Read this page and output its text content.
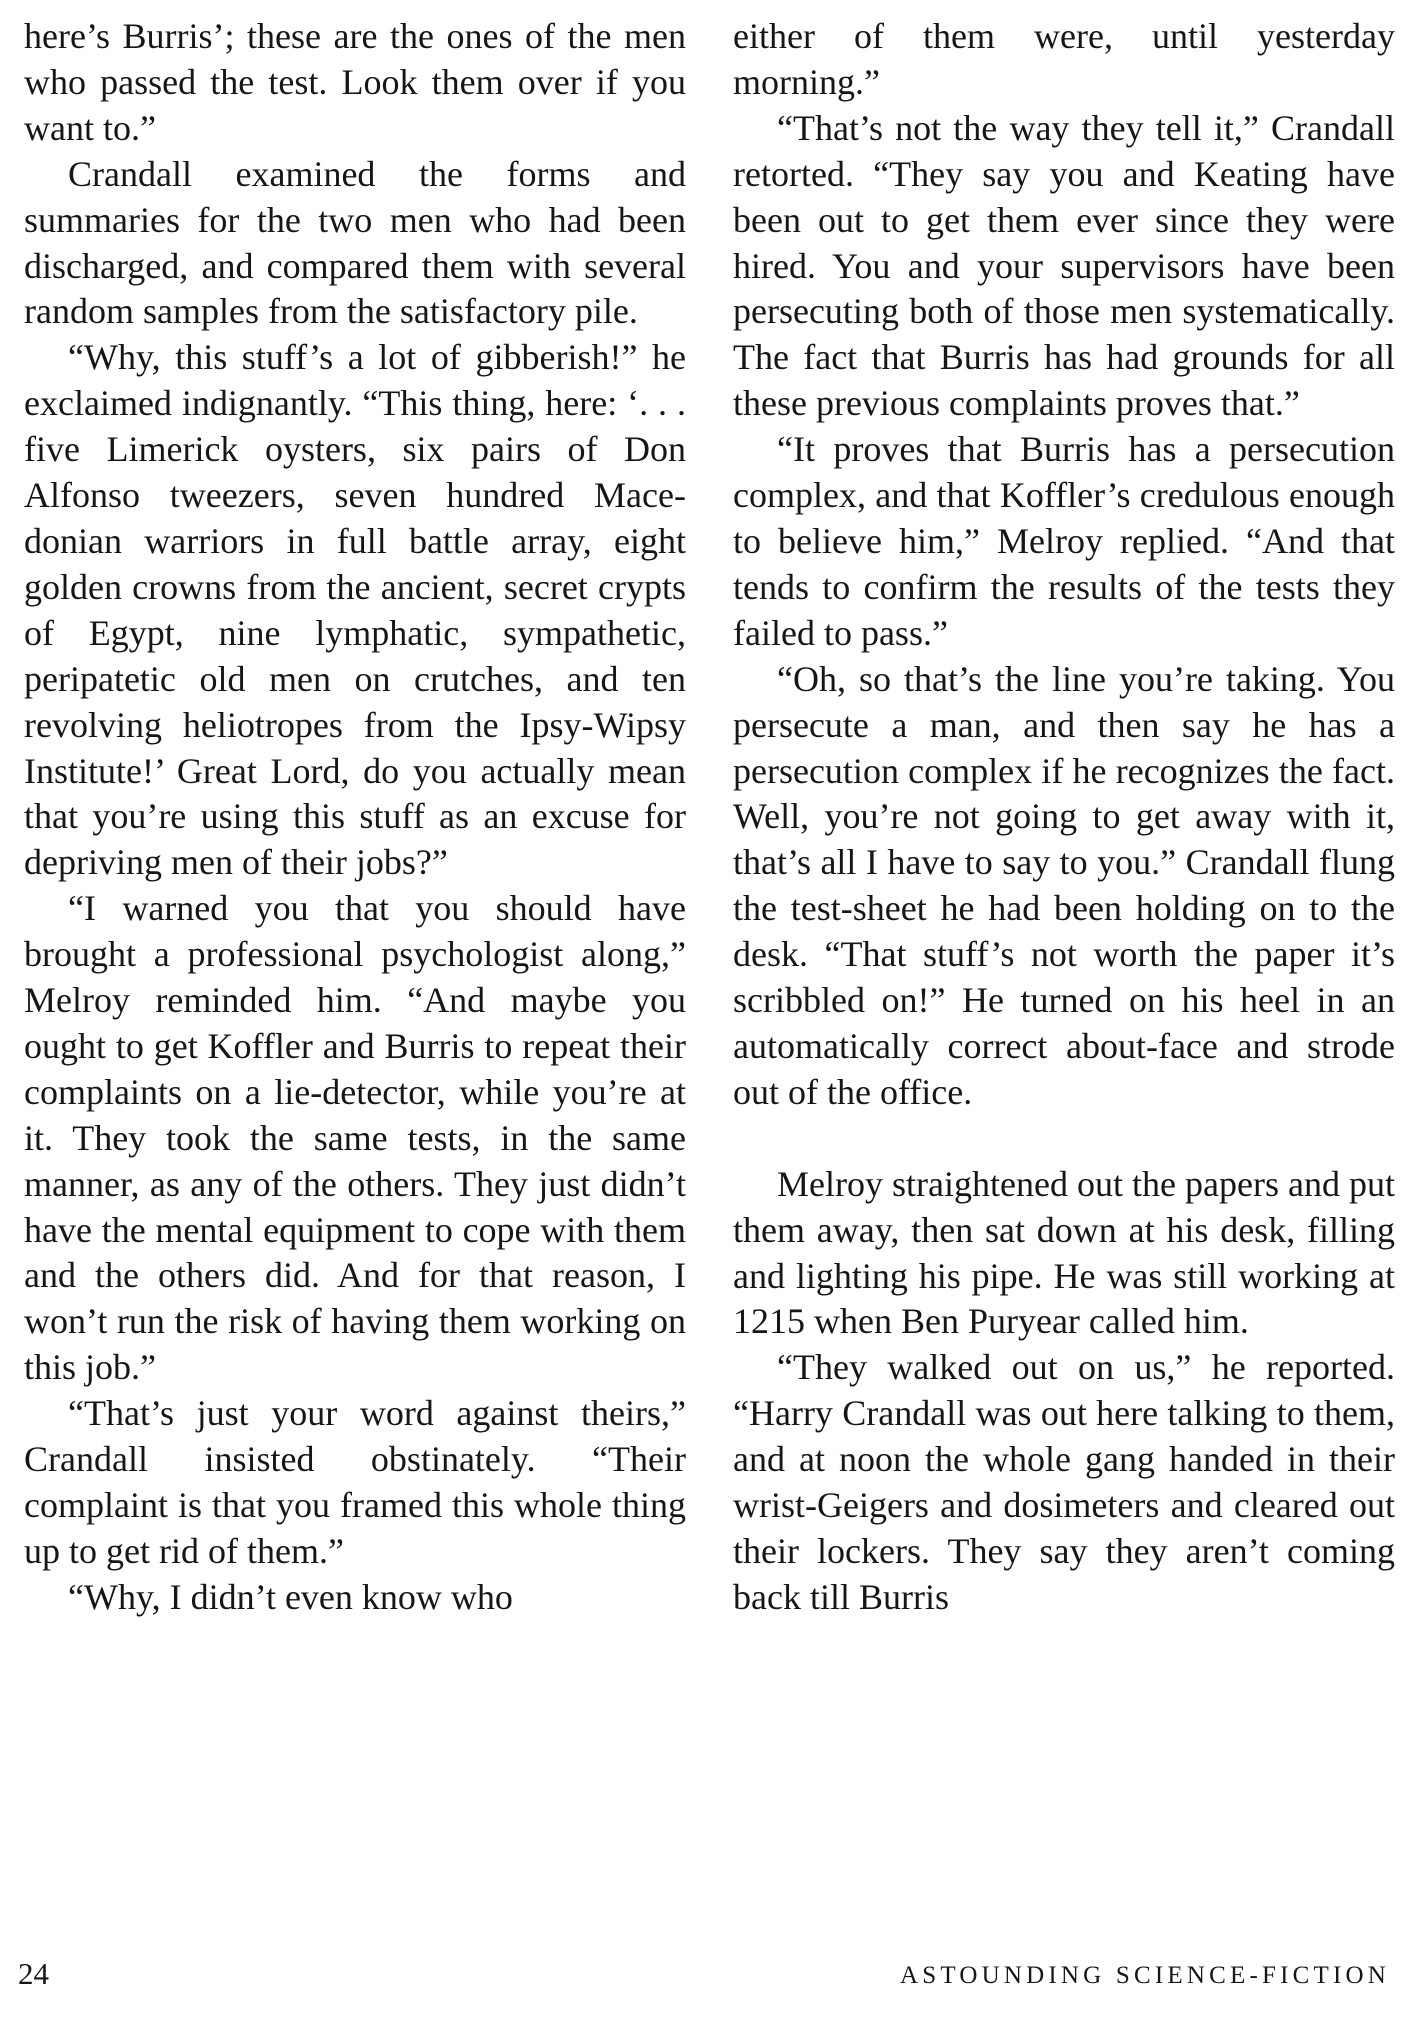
here’s Burris’; these are the ones of the men who passed the test. Look them over if you want to.”

Crandall examined the forms and summaries for the two men who had been discharged, and compared them with several random samples from the satisfactory pile.

“Why, this stuff’s a lot of gibberish!” he exclaimed indignantly. “This thing, here: ‘. . . five Limerick oysters, six pairs of Don Alfonso tweezers, seven hundred Macedonian warriors in full battle array, eight golden crowns from the ancient, secret crypts of Egypt, nine lymphatic, sympathetic, peripatetic old men on crutches, and ten revolving heliotropes from the Ipsy-Wipsy Institute!’ Great Lord, do you actually mean that you’re using this stuff as an excuse for depriving men of their jobs?”

“I warned you that you should have brought a professional psychologist along,” Melroy reminded him. “And maybe you ought to get Koffler and Burris to repeat their complaints on a lie-detector, while you’re at it. They took the same tests, in the same manner, as any of the others. They just didn’t have the mental equipment to cope with them and the others did. And for that reason, I won’t run the risk of having them working on this job.”

“That’s just your word against theirs,” Crandall insisted obstinately. “Their complaint is that you framed this whole thing up to get rid of them.”

“Why, I didn’t even know who

either of them were, until yesterday morning.”

“That’s not the way they tell it,” Crandall retorted. “They say you and Keating have been out to get them ever since they were hired. You and your supervisors have been persecuting both of those men systematically. The fact that Burris has had grounds for all these previous complaints proves that.”

“It proves that Burris has a persecution complex, and that Koffler’s credulous enough to believe him,” Melroy replied. “And that tends to confirm the results of the tests they failed to pass.”

“Oh, so that’s the line you’re taking. You persecute a man, and then say he has a persecution complex if he recognizes the fact. Well, you’re not going to get away with it, that’s all I have to say to you.” Crandall flung the test-sheet he had been holding on to the desk. “That stuff’s not worth the paper it’s scribbled on!” He turned on his heel in an automatically correct about-face and strode out of the office.

Melroy straightened out the papers and put them away, then sat down at his desk, filling and lighting his pipe. He was still working at 1215 when Ben Puryear called him.

“They walked out on us,” he reported. “Harry Crandall was out here talking to them, and at noon the whole gang handed in their wrist-Geigers and dosimeters and cleared out their lockers. They say they aren’t coming back till Burris

24	ASTOUNDING SCIENCE-FICTION
